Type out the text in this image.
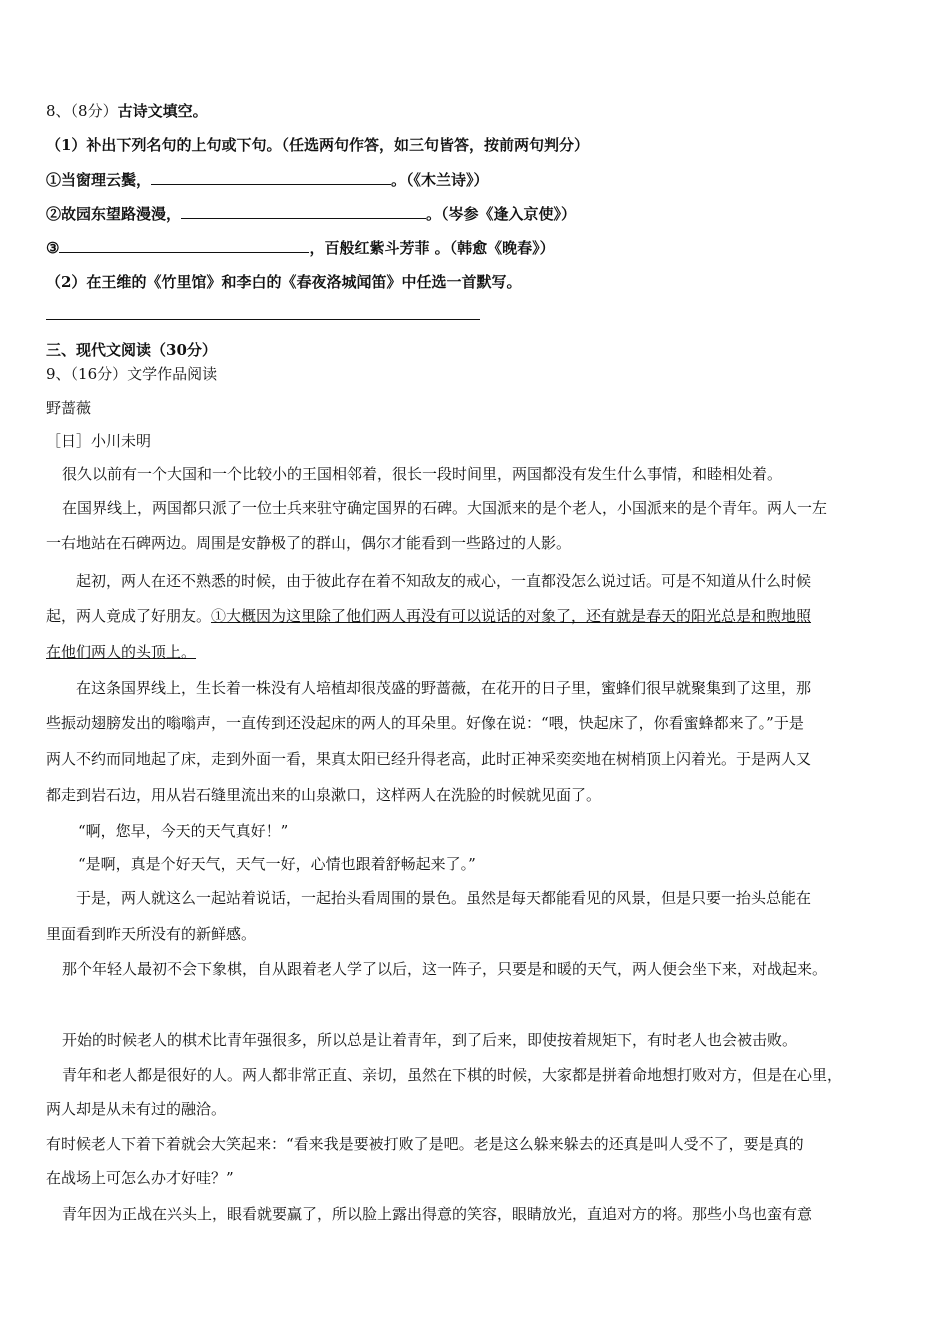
8、（8分）古诗文填空。
（1）补出下列名句的上句或下句。（任选两句作答，如三句皆答，按前两句判分）
①当窗理云鬓，	。（《木兰诗》）
②故园东望路漫漫，	。（岑参《逢入京使》）
③	，百般红紫斗芳菲 。（韩愈《晚春》）
（2）在王维的《竹里馆》和李白的《春夜洛城闻笛》中任选一首默写。
三、现代文阅读（30分）
9、（16分）文学作品阅读
野蔷薇
［日］小川未明
很久以前有一个大国和一个比较小的王国相邻着，很长一段时间里，两国都没有发生什么事情，和睦相处着。
在国界线上，两国都只派了一位士兵来驻守确定国界的石碑。大国派来的是个老人，小国派来的是个青年。两人一左
一右地站在石碑两边。周围是安静极了的群山，偶尔才能看到一些路过的人影。
起初，两人在还不熟悉的时候，由于彼此存在着不知敌友的戒心，一直都没怎么说过话。可是不知道从什么时候
起，两人竟成了好朋友。①大概因为这里除了他们两人再没有可以说话的对象了，还有就是春天的阳光总是和煦地照
在他们两人的头顶上。
在这条国界线上，生长着一株没有人培植却很茂盛的野蔷薇，在花开的日子里，蜜蜂们很早就聚集到了这里，那
些振动翅膀发出的嗡嗡声，一直传到还没起床的两人的耳朵里。好像在说：“喂，快起床了，你看蜜蜂都来了。”于是
两人不约而同地起了床，走到外面一看，果真太阳已经升得老高，此时正神采奕奕地在树梢顶上闪着光。于是两人又
都走到岩石边，用从岩石缝里流出来的山泉漱口，这样两人在洗脸的时候就见面了。
“啊，您早，今天的天气真好！”
“是啊，真是个好天气，天气一好，心情也跟着舒畅起来了。”
于是，两人就这么一起站着说话，一起抬头看周围的景色。虽然是每天都能看见的风景，但是只要一抬头总能在
里面看到昨天所没有的新鲜感。
那个年轻人最初不会下象棋，自从跟着老人学了以后，这一阵子，只要是和暖的天气，两人便会坐下来，对战起来。
开始的时候老人的棋术比青年强很多，所以总是让着青年，到了后来，即使按着规矩下，有时老人也会被击败。
青年和老人都是很好的人。两人都非常正直、亲切，虽然在下棋的时候，大家都是拼着命地想打败对方，但是在心里，
两人却是从未有过的融洽。
有时候老人下着下着就会大笑起来：“看来我是要被打败了是吧。老是这么躲来躲去的还真是叫人受不了，要是真的
在战场上可怎么办才好哇？”
青年因为正战在兴头上，眼看就要赢了，所以脸上露出得意的笑容，眼睛放光，直追对方的将。那些小鸟也蛮有意
